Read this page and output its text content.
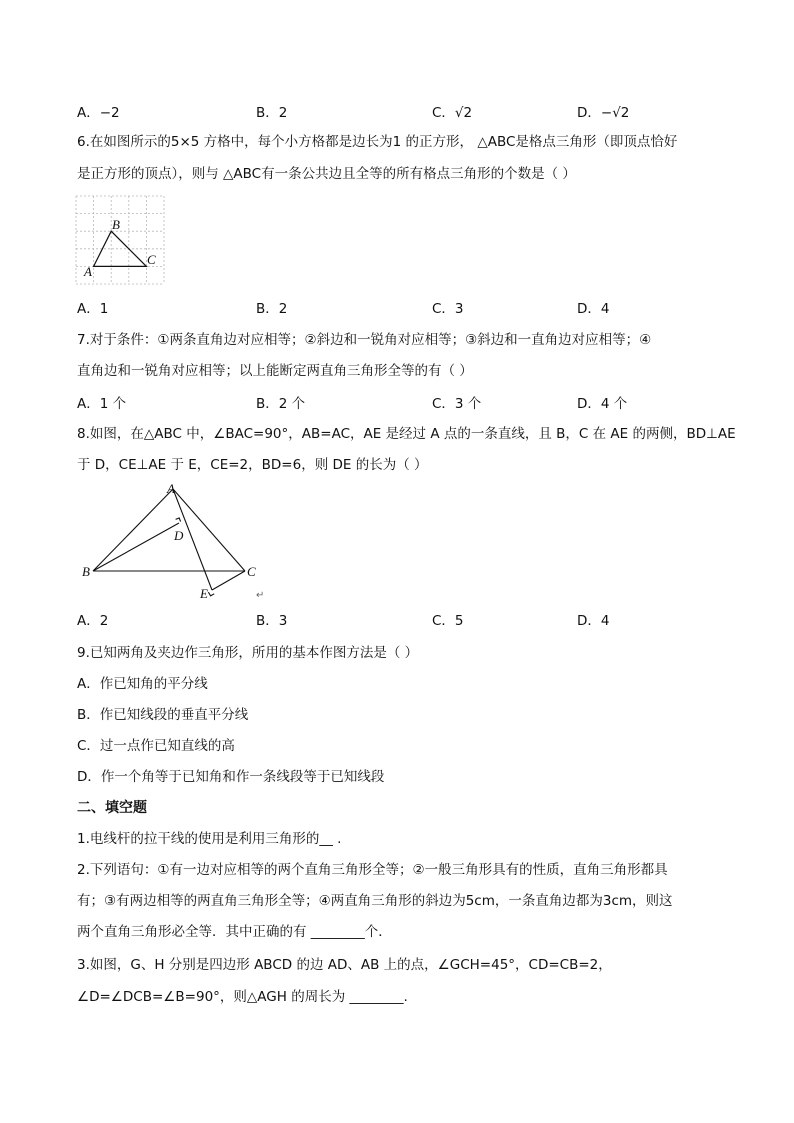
A．−2	B．2	C．√2	D．−√2
6.在如图所示的5×5 方格中，每个小方格都是边长为1 的正方形， △ABC是格点三角形（即顶点恰好
是正方形的顶点），则与 △ABC有一条公共边且全等的所有格点三角形的个数是（ ）
A
B
C
A．1	B．2	C．3	D．4
7.对于条件：①两条直角边对应相等；②斜边和一锐角对应相等；③斜边和一直角边对应相等；④
直角边和一锐角对应相等；以上能断定两直角三角形全等的有（ ）
A．1 个	B．2 个	C．3 个	D．4 个
8.如图，在△ABC 中，∠BAC=90°，AB=AC，AE 是经过 A 点的一条直线，且 B，C 在 AE 的两侧，BD⊥AE
于 D，CE⊥AE 于 E，CE=2，BD=6，则 DE 的长为（ ）
A
B	C
D
E	↵
A．2	B．3	C．5	D．4
9.已知两角及夹边作三角形，所用的基本作图方法是（ ）
A．作已知角的平分线
B．作已知线段的垂直平分线
C．过一点作已知直线的高
D．作一个角等于已知角和作一条线段等于已知线段
二、填空题
1.电线杆的拉干线的使用是利用三角形的__ .
2.下列语句：①有一边对应相等的两个直角三角形全等；②一般三角形具有的性质，直角三角形都具
有；③有两边相等的两直角三角形全等；④两直角三角形的斜边为5cm，一条直角边都为3cm，则这
两个直角三角形必全等．其中正确的有 ________个．
3.如图，G、H 分别是四边形 ABCD 的边 AD、AB 上的点，∠GCH=45°，CD=CB=2，
∠D=∠DCB=∠B=90°，则△AGH 的周长为 ________.
